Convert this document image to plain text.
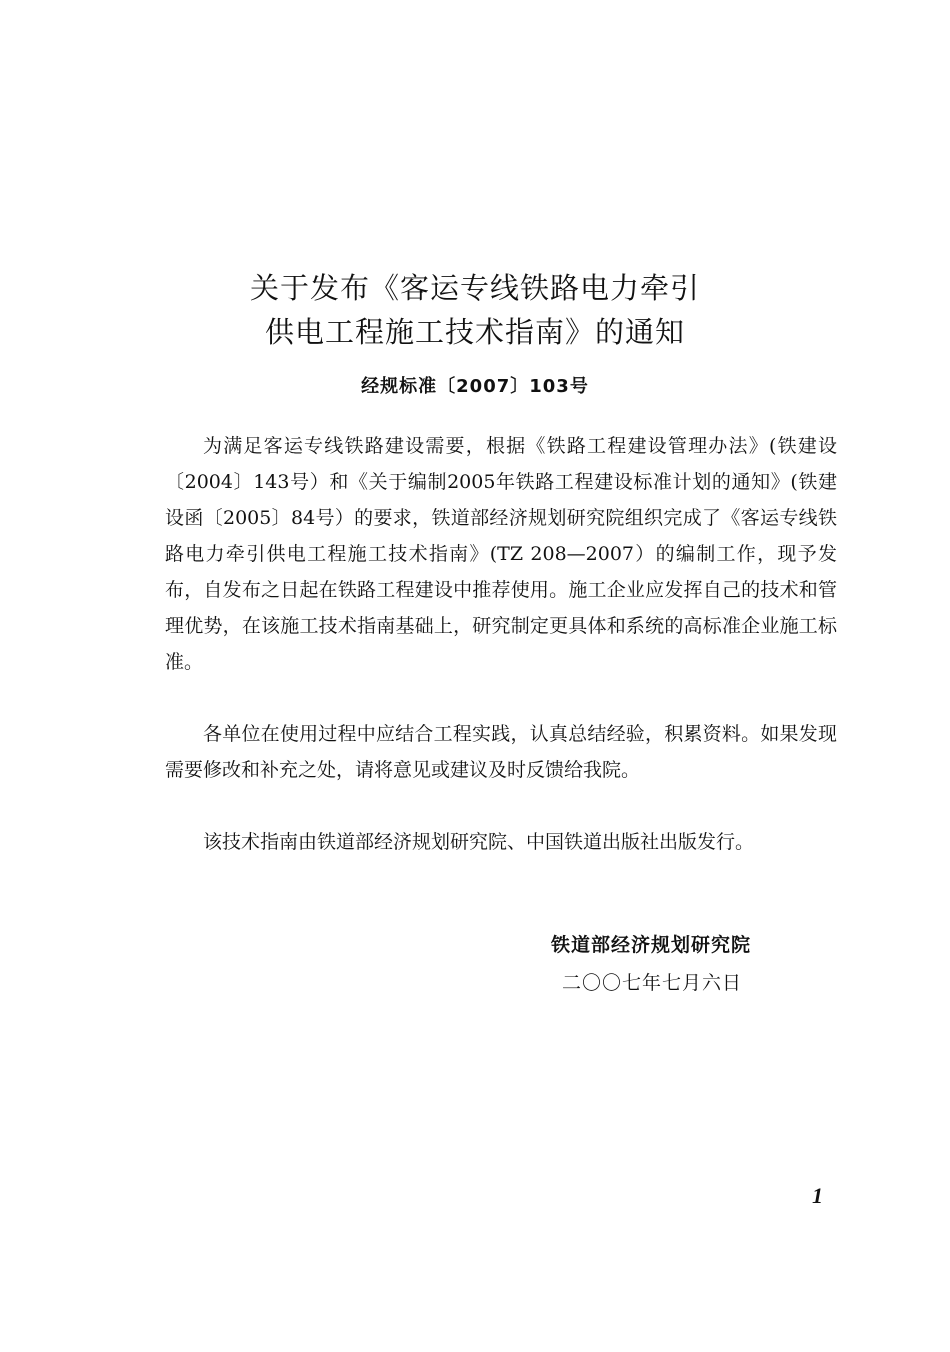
关于发布《客运专线铁路电力牵引
供电工程施工技术指南》的通知
经规标准〔2007〕103号

为满足客运专线铁路建设需要，根据《铁路工程建设管理办法》(铁建设〔2004〕143号）和《关于编制2005年铁路工程建设标准计划的通知》(铁建设函〔2005〕84号）的要求，铁道部经济规划研究院组织完成了《客运专线铁路电力牵引供电工程施工技术指南》(TZ 208—2007）的编制工作，现予发布，自发布之日起在铁路工程建设中推荐使用。施工企业应发挥自己的技术和管理优势，在该施工技术指南基础上，研究制定更具体和系统的高标准企业施工标准。

各单位在使用过程中应结合工程实践，认真总结经验，积累资料。如果发现需要修改和补充之处，请将意见或建议及时反馈给我院。

该技术指南由铁道部经济规划研究院、中国铁道出版社出版发行。

铁道部经济规划研究院
二〇〇七年七月六日
1
